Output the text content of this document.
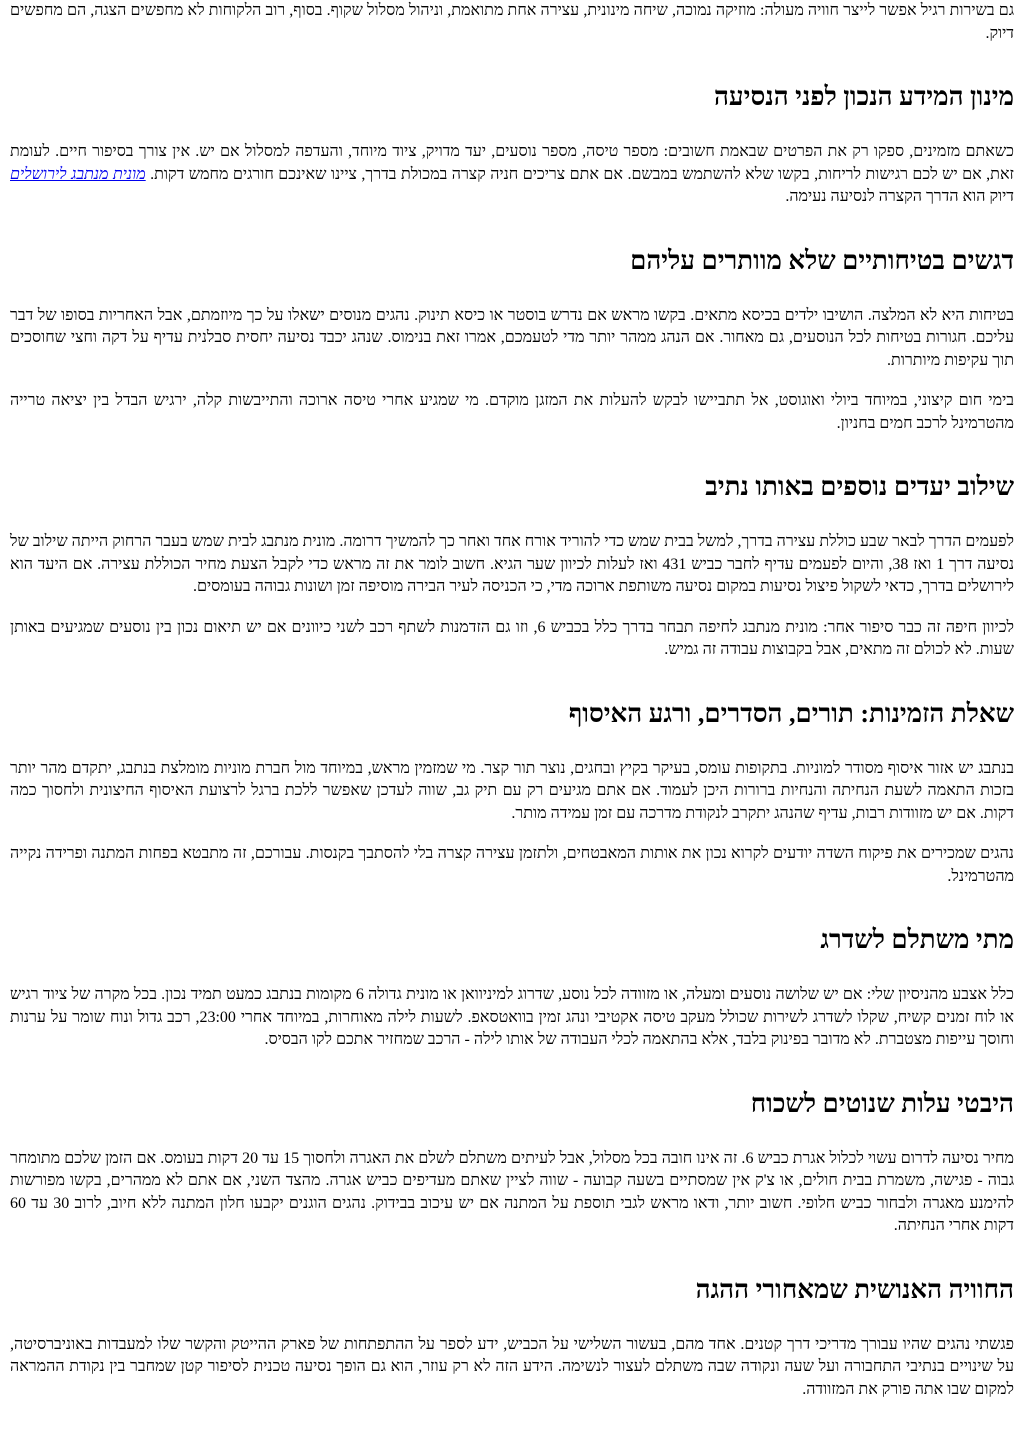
גם בשירות רגיל אפשר לייצר חוויה מעולה: מוזיקה נמוכה, שיחה מינונית, עצירה אחת מתואמת, וניהול מסלול שקוף. בסוף, רוב הלקוחות לא מחפשים הצגה, הם מחפשים דיוק.

מינון המידע הנכון לפני הנסיעה

כשאתם מזמינים, ספקו רק את הפרטים שבאמת חשובים: מספר טיסה, מספר נוסעים, יעד מדויק, ציוד מיוחד, והעדפה למסלול אם יש. אין צורך בסיפור חיים. לעומת זאת, אם יש לכם רגישות לריחות, בקשו שלא להשתמש במבשם. אם אתם צריכים חניה קצרה במכולת בדרך, ציינו שאינכם חורגים מחמש דקות. מונית מנתבג לירושלים דיוק הוא הדרך הקצרה לנסיעה נעימה.

דגשים בטיחותיים שלא מוותרים עליהם

בטיחות היא לא המלצה. הושיבו ילדים בכיסא מתאים. בקשו מראש אם נדרש בוסטר או כיסא תינוק. נהגים מנוסים ישאלו על כך מיוזמתם, אבל האחריות בסופו של דבר עליכם. חגורות בטיחות לכל הנוסעים, גם מאחור. אם הנהג ממהר יותר מדי לטעמכם, אמרו זאת בנימוס. שנהג יכבד נסיעה יחסית סבלנית עדיף על דקה וחצי שחוסכים תוך עקיפות מיותרות.

בימי חום קיצוני, במיוחד ביולי ואוגוסט, אל תתביישו לבקש להעלות את המזגן מוקדם. מי שמגיע אחרי טיסה ארוכה והתייבשות קלה, ירגיש הבדל בין יציאה טרייה מהטרמינל לרכב חמים בחניון.

שילוב יעדים נוספים באותו נתיב

לפעמים הדרך לבאר שבע כוללת עצירה בדרך, למשל בבית שמש כדי להוריד אורח אחד ואחר כך להמשיך דרומה. מונית מנתבג לבית שמש בעבר הרחוק הייתה שילוב של נסיעה דרך 1 ואז 38, והיום לפעמים עדיף לחבר כביש 431 ואז לעלות לכיוון שער הגיא. חשוב לומר את זה מראש כדי לקבל הצעת מחיר הכוללת עצירה. אם היעד הוא לירושלים בדרך, כדאי לשקול פיצול נסיעות במקום נסיעה משותפת ארוכה מדי, כי הכניסה לעיר הבירה מוסיפה זמן ושונות גבוהה בעומסים.

לכיוון חיפה זה כבר סיפור אחר: מונית מנתבג לחיפה תבחר בדרך כלל בכביש 6, וזו גם הזדמנות לשתף רכב לשני כיוונים אם יש תיאום נכון בין נוסעים שמגיעים באותן שעות. לא לכולם זה מתאים, אבל בקבוצות עבודה זה גמיש.

שאלת הזמינות: תורים, הסדרים, ורגע האיסוף

בנתבג יש אזור איסוף מסודר למוניות. בתקופות עומס, בעיקר בקיץ ובחגים, נוצר תור קצר. מי שמזמין מראש, במיוחד מול חברת מוניות מומלצת בנתבג, יתקדם מהר יותר בזכות התאמה לשעת הנחיתה והנחיות ברורות היכן לעמוד. אם אתם מגיעים רק עם תיק גב, שווה לעדכן שאפשר ללכת ברגל לרצועת האיסוף החיצונית ולחסוך כמה דקות. אם יש מזוודות רבות, עדיף שהנהג יתקרב לנקודת מדרכה עם זמן עמידה מותר.

נהגים שמכירים את פיקוח השדה יודעים לקרוא נכון את אותות המאבטחים, ולתזמן עצירה קצרה בלי להסתבך בקנסות. עבורכם, זה מתבטא בפחות המתנה ופרידה נקייה מהטרמינל.

מתי משתלם לשדרג

כלל אצבע מהניסיון שלי: אם יש שלושה נוסעים ומעלה, או מזוודה לכל נוסע, שדרוג למיניוואן או מונית גדולה 6 מקומות בנתבג כמעט תמיד נכון. בכל מקרה של ציוד רגיש או לוח זמנים קשיח, שקלו לשדרג לשירות שכולל מעקב טיסה אקטיבי ונהג זמין בוואטסאפ. לשעות לילה מאוחרות, במיוחד אחרי 23:00, רכב גדול ונוח שומר על ערנות וחוסך עייפות מצטברת. לא מדובר בפינוק בלבד, אלא בהתאמה לכלי העבודה של אותו לילה - הרכב שמחזיר אתכם לקו הבסיס.

היבטי עלות שנוטים לשכוח

מחיר נסיעה לדרום עשוי לכלול אגרת כביש 6. זה אינו חובה בכל מסלול, אבל לעיתים משתלם לשלם את האגרה ולחסוך 15 עד 20 דקות בעומס. אם הזמן שלכם מתומחר גבוה - פגישה, משמרת בבית חולים, או צ'ק אין שמסתיים בשעה קבועה - שווה לציין שאתם מעדיפים כביש אגרה. מהצד השני, אם אתם לא ממהרים, בקשו מפורשות להימנע מאגרה ולבחור כביש חלופי. חשוב יותר, ודאו מראש לגבי תוספת על המתנה אם יש עיכוב בבידוק. נהגים הוגנים יקבעו חלון המתנה ללא חיוב, לרוב 30 עד 60 דקות אחרי הנחיתה.

החוויה האנושית שמאחורי ההגה

פגשתי נהגים שהיו עבורך מדריכי דרך קטנים. אחד מהם, בעשור השלישי על הכביש, ידע לספר על ההתפתחות של פארק ההייטק והקשר שלו למעבדות באוניברסיטה, על שינויים בנתיבי התחבורה ועל שעה ונקודה שבה משתלם לעצור לנשימה. הידע הזה לא רק עוזר, הוא גם הופך נסיעה טכנית לסיפור קטן שמחבר בין נקודת ההמראה למקום שבו אתה פורק את המזוודה.
